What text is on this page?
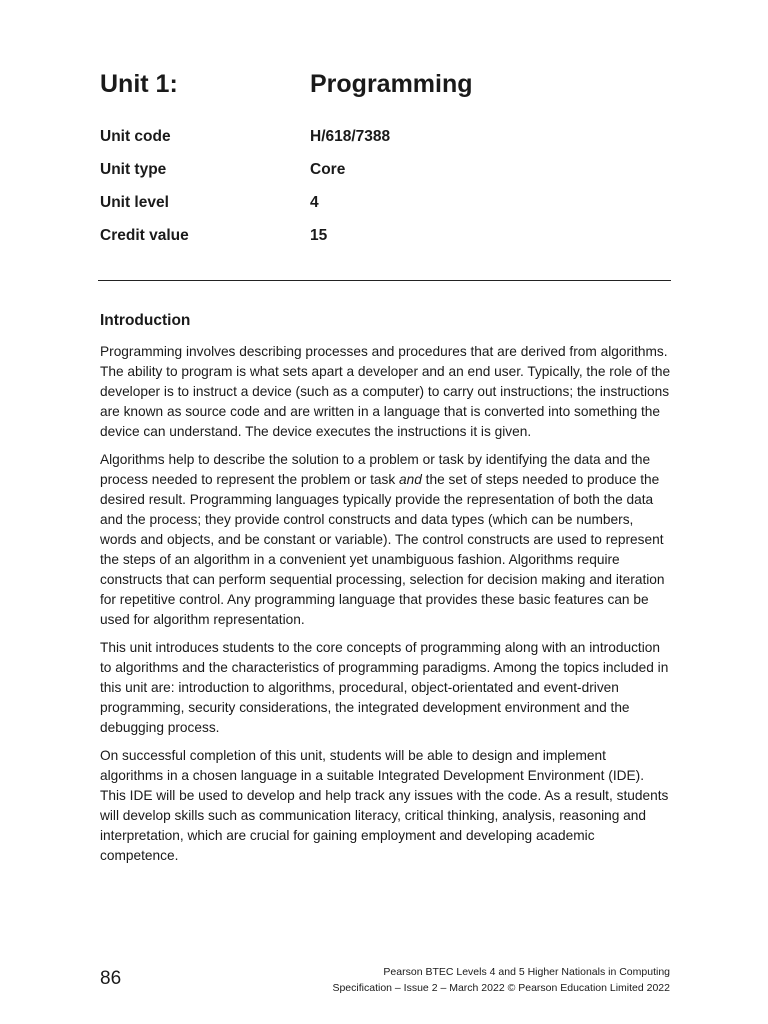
Unit 1:	Programming
Unit code	H/618/7388
Unit type	Core
Unit level	4
Credit value	15
Introduction

Programming involves describing processes and procedures that are derived from algorithms. The ability to program is what sets apart a developer and an end user. Typically, the role of the developer is to instruct a device (such as a computer) to carry out instructions; the instructions are known as source code and are written in a language that is converted into something the device can understand. The device executes the instructions it is given.

Algorithms help to describe the solution to a problem or task by identifying the data and the process needed to represent the problem or task and the set of steps needed to produce the desired result. Programming languages typically provide the representation of both the data and the process; they provide control constructs and data types (which can be numbers, words and objects, and be constant or variable). The control constructs are used to represent the steps of an algorithm in a convenient yet unambiguous fashion. Algorithms require constructs that can perform sequential processing, selection for decision making and iteration for repetitive control. Any programming language that provides these basic features can be used for algorithm representation.

This unit introduces students to the core concepts of programming along with an introduction to algorithms and the characteristics of programming paradigms. Among the topics included in this unit are: introduction to algorithms, procedural, object-orientated and event-driven programming, security considerations, the integrated development environment and the debugging process.

On successful completion of this unit, students will be able to design and implement algorithms in a chosen language in a suitable Integrated Development Environment (IDE). This IDE will be used to develop and help track any issues with the code. As a result, students will develop skills such as communication literacy, critical thinking, analysis, reasoning and interpretation, which are crucial for gaining employment and developing academic competence.

86	Pearson BTEC Levels 4 and 5 Higher Nationals in Computing
Specification – Issue 2 – March 2022 © Pearson Education Limited 2022
